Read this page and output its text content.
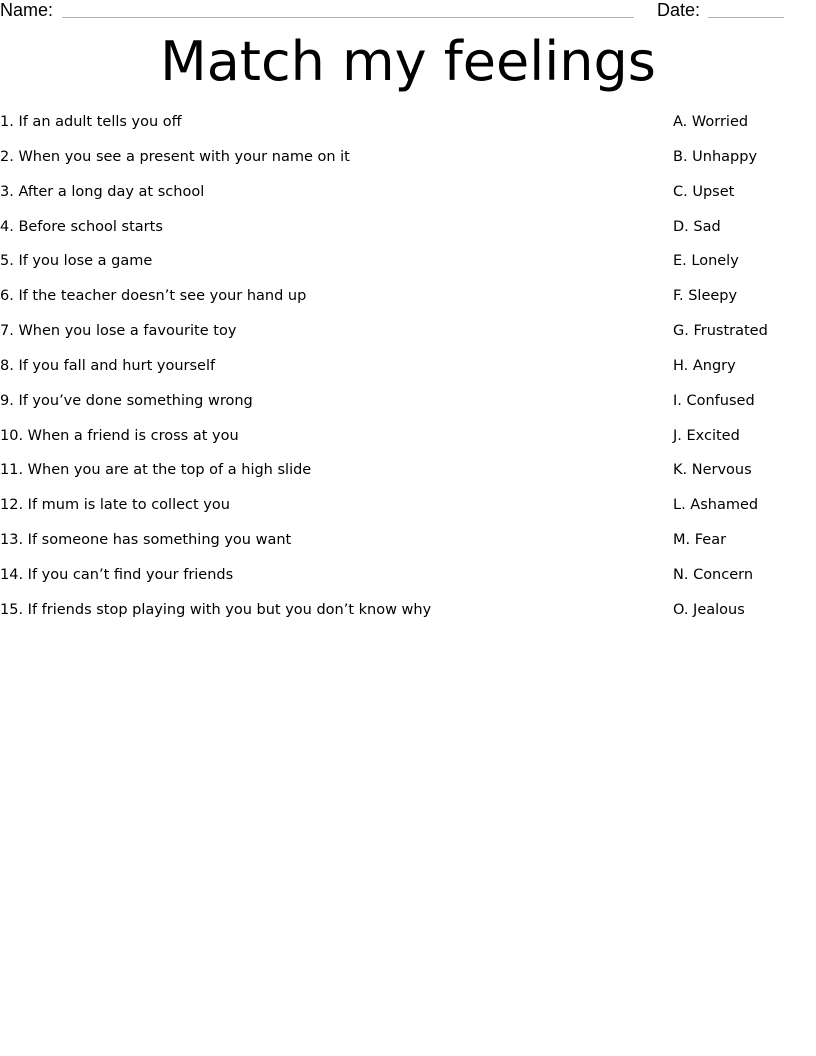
Name:	Date:
Match my feelings
1. If an adult tells you off
2. When you see a present with your name on it
3. After a long day at school
4. Before school starts
5. If you lose a game
6. If the teacher doesn’t see your hand up
7. When you lose a favourite toy
8. If you fall and hurt yourself
9. If you’ve done something wrong
10. When a friend is cross at you
11. When you are at the top of a high slide
12. If mum is late to collect you
13. If someone has something you want
14. If you can’t find your friends
15. If friends stop playing with you but you don’t know why
A. Worried
B. Unhappy
C. Upset
D. Sad
E. Lonely
F. Sleepy
G. Frustrated
H. Angry
I. Confused
J. Excited
K. Nervous
L. Ashamed
M. Fear
N. Concern
O. Jealous
